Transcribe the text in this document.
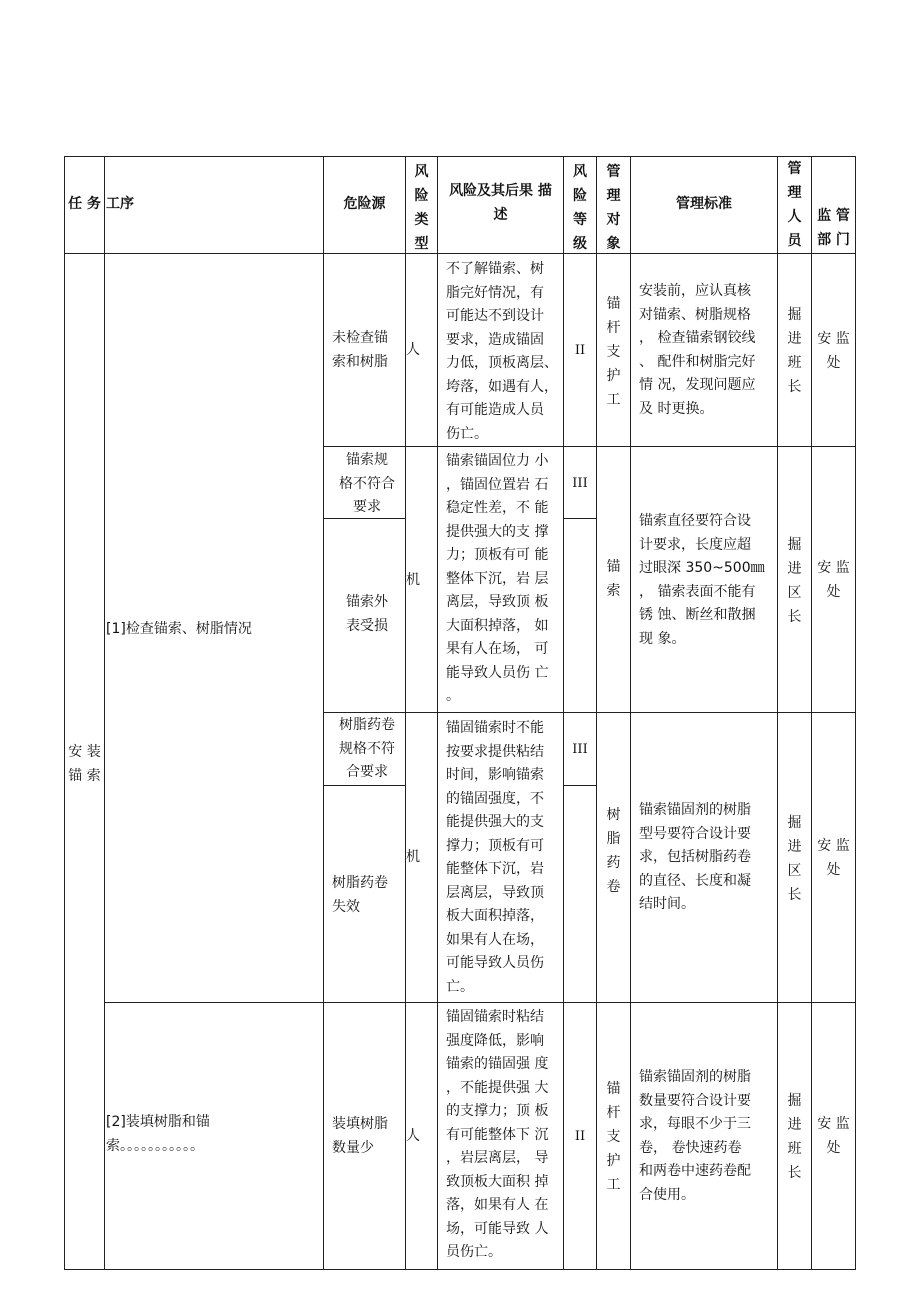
任 务 工序	危险源
风
险
类
型
风险及其后果 描
述
风
险
等
级
管
理
对
象
管理标准
管
理
人
员
监 管
部 门
安 装
锚 索
[1]检查锚索、树脂情况
[2]装填树脂和锚
索。。。。。。。。。。。
未检查锚
索和树脂
人
不了解锚索、树
脂完好情况，有
可能达不到设计
要求，造成锚固
力低，顶板离层、
垮落，如遇有人，
有可能造成人员
伤亡。
II
锚
杆
支
护
工
安装前，应认真核
对锚索、树脂规格
， 检查锚索钢铰线
、 配件和树脂完好
情 况，发现问题应
及 时更换。
掘
进
班
长
安 监
处
锚索规
格不符合
要求
锚索外
表受损
机
锚索锚固位力 小
，锚固位置岩 石
稳定性差，不 能
提供强大的支 撑
力；顶板有可 能
整体下沉，岩 层
离层，导致顶 板
大面积掉落， 如
果有人在场， 可
能导致人员伤 亡
。
III
锚
索
锚索直径要符合设
计要求，长度应超
过眼深 350~500㎜
， 锚索表面不能有
锈 蚀、断丝和散捆
现 象。
掘
进
区
长
安 监
处
树脂药卷
规格不符
合要求
树脂药卷
失效
机
锚固锚索时不能
按要求提供粘结
时间，影响锚索
的锚固强度，不
能提供强大的支
撑力；顶板有可
能整体下沉，岩
层离层，导致顶
板大面积掉落，
如果有人在场，
可能导致人员伤
亡。
III
树
脂
药
卷
锚索锚固剂的树脂
型号要符合设计要
求，包括树脂药卷
的直径、长度和凝
结时间。
掘
进
区
长
安 监
处
装填树脂
数量少
人
锚固锚索时粘结
强度降低，影响
锚索的锚固强 度
，不能提供强 大
的支撑力；顶 板
有可能整体下 沉
，岩层离层， 导
致顶板大面积 掉
落，如果有人 在
场，可能导致 人
员伤亡。
II
锚
杆
支
护
工
锚索锚固剂的树脂
数量要符合设计要
求，每眼不少于三
卷， 卷快速药卷
和两卷中速药卷配
合使用。
掘
进
班
长
安 监
处
